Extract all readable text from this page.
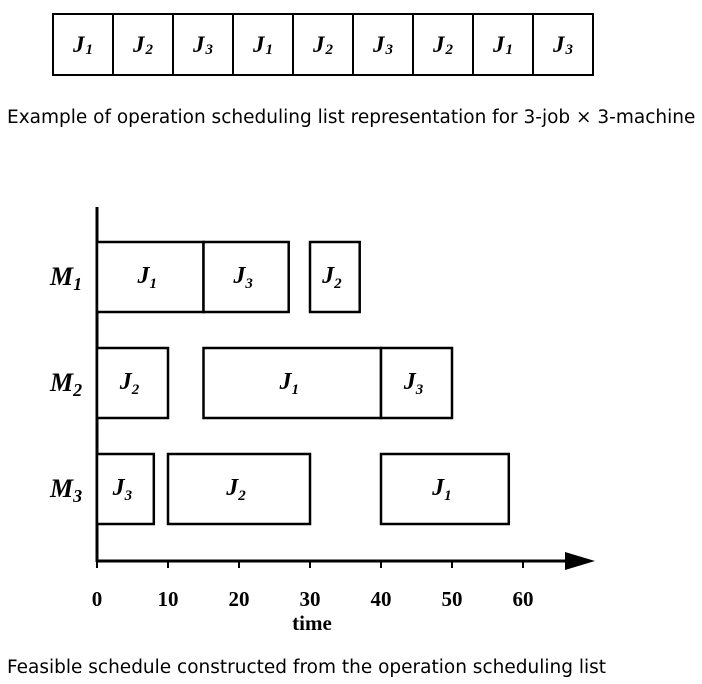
J 1 J 2 J 3 J 1 J 2 J 3 J 2 J 1 J 3
Example of operation scheduling list representation for 3-job × 3-machine
0	10 20 30 40 50 60
time
M1 $J_1$	$J_3$	$J_2$
M2 $J_2$	$J_1$	$J_3$
M3 $J_3$	$J_2$	$J_1$
Feasible schedule constructed from the operation scheduling list
